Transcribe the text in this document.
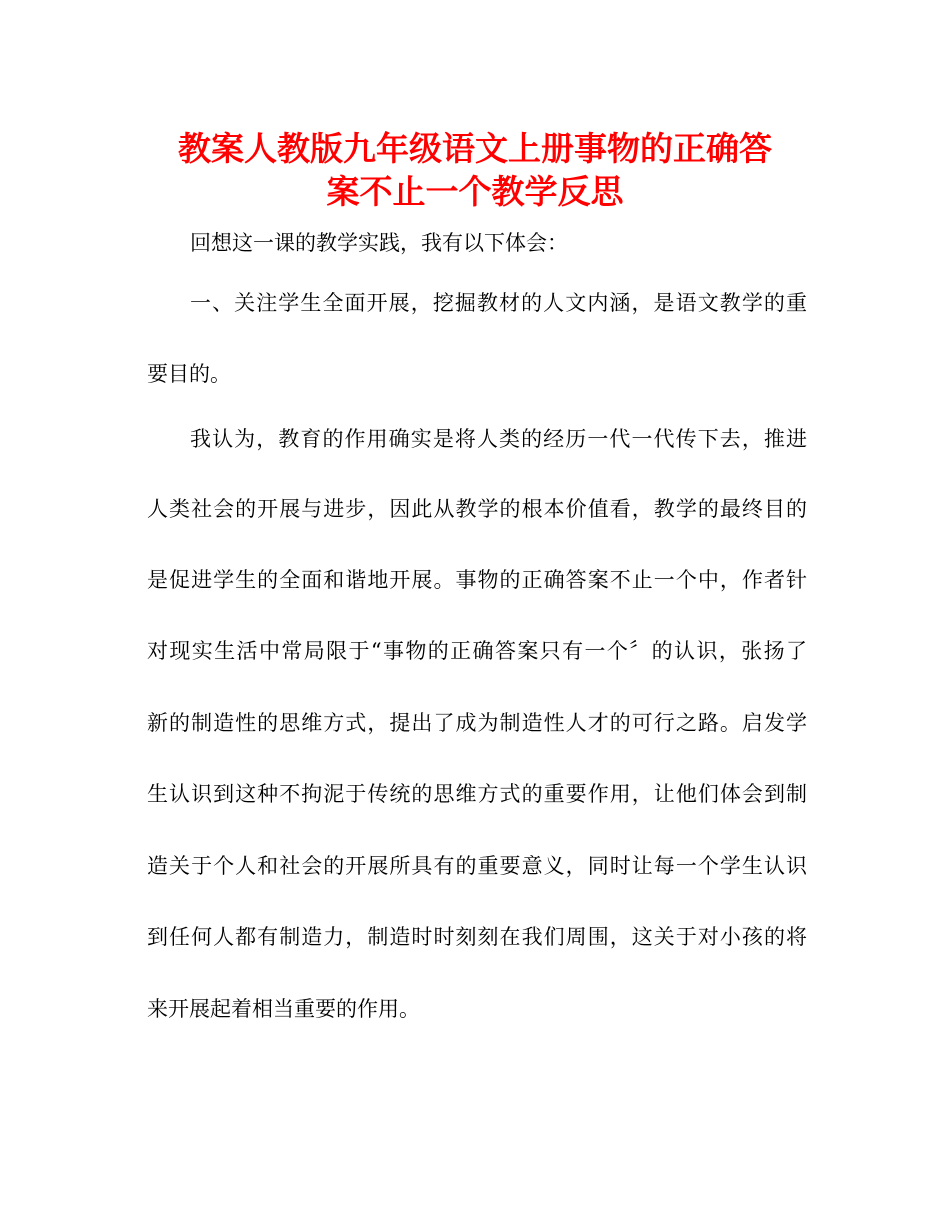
教案人教版九年级语文上册事物的正确答
案不止一个教学反思

回想这一课的教学实践，我有以下体会：

一、关注学生全面开展，挖掘教材的人文内涵，是语文教学的重

要目的。

我认为，教育的作用确实是将人类的经历一代一代传下去，推进

人类社会的开展与进步，因此从教学的根本价值看，教学的最终目的

是促进学生的全面和谐地开展。事物的正确答案不止一个中，作者针

对现实生活中常局限于“事物的正确答案只有一个〞的认识，张扬了

新的制造性的思维方式，提出了成为制造性人才的可行之路。启发学

生认识到这种不拘泥于传统的思维方式的重要作用，让他们体会到制

造关于个人和社会的开展所具有的重要意义，同时让每一个学生认识

到任何人都有制造力，制造时时刻刻在我们周围，这关于对小孩的将

来开展起着相当重要的作用。
